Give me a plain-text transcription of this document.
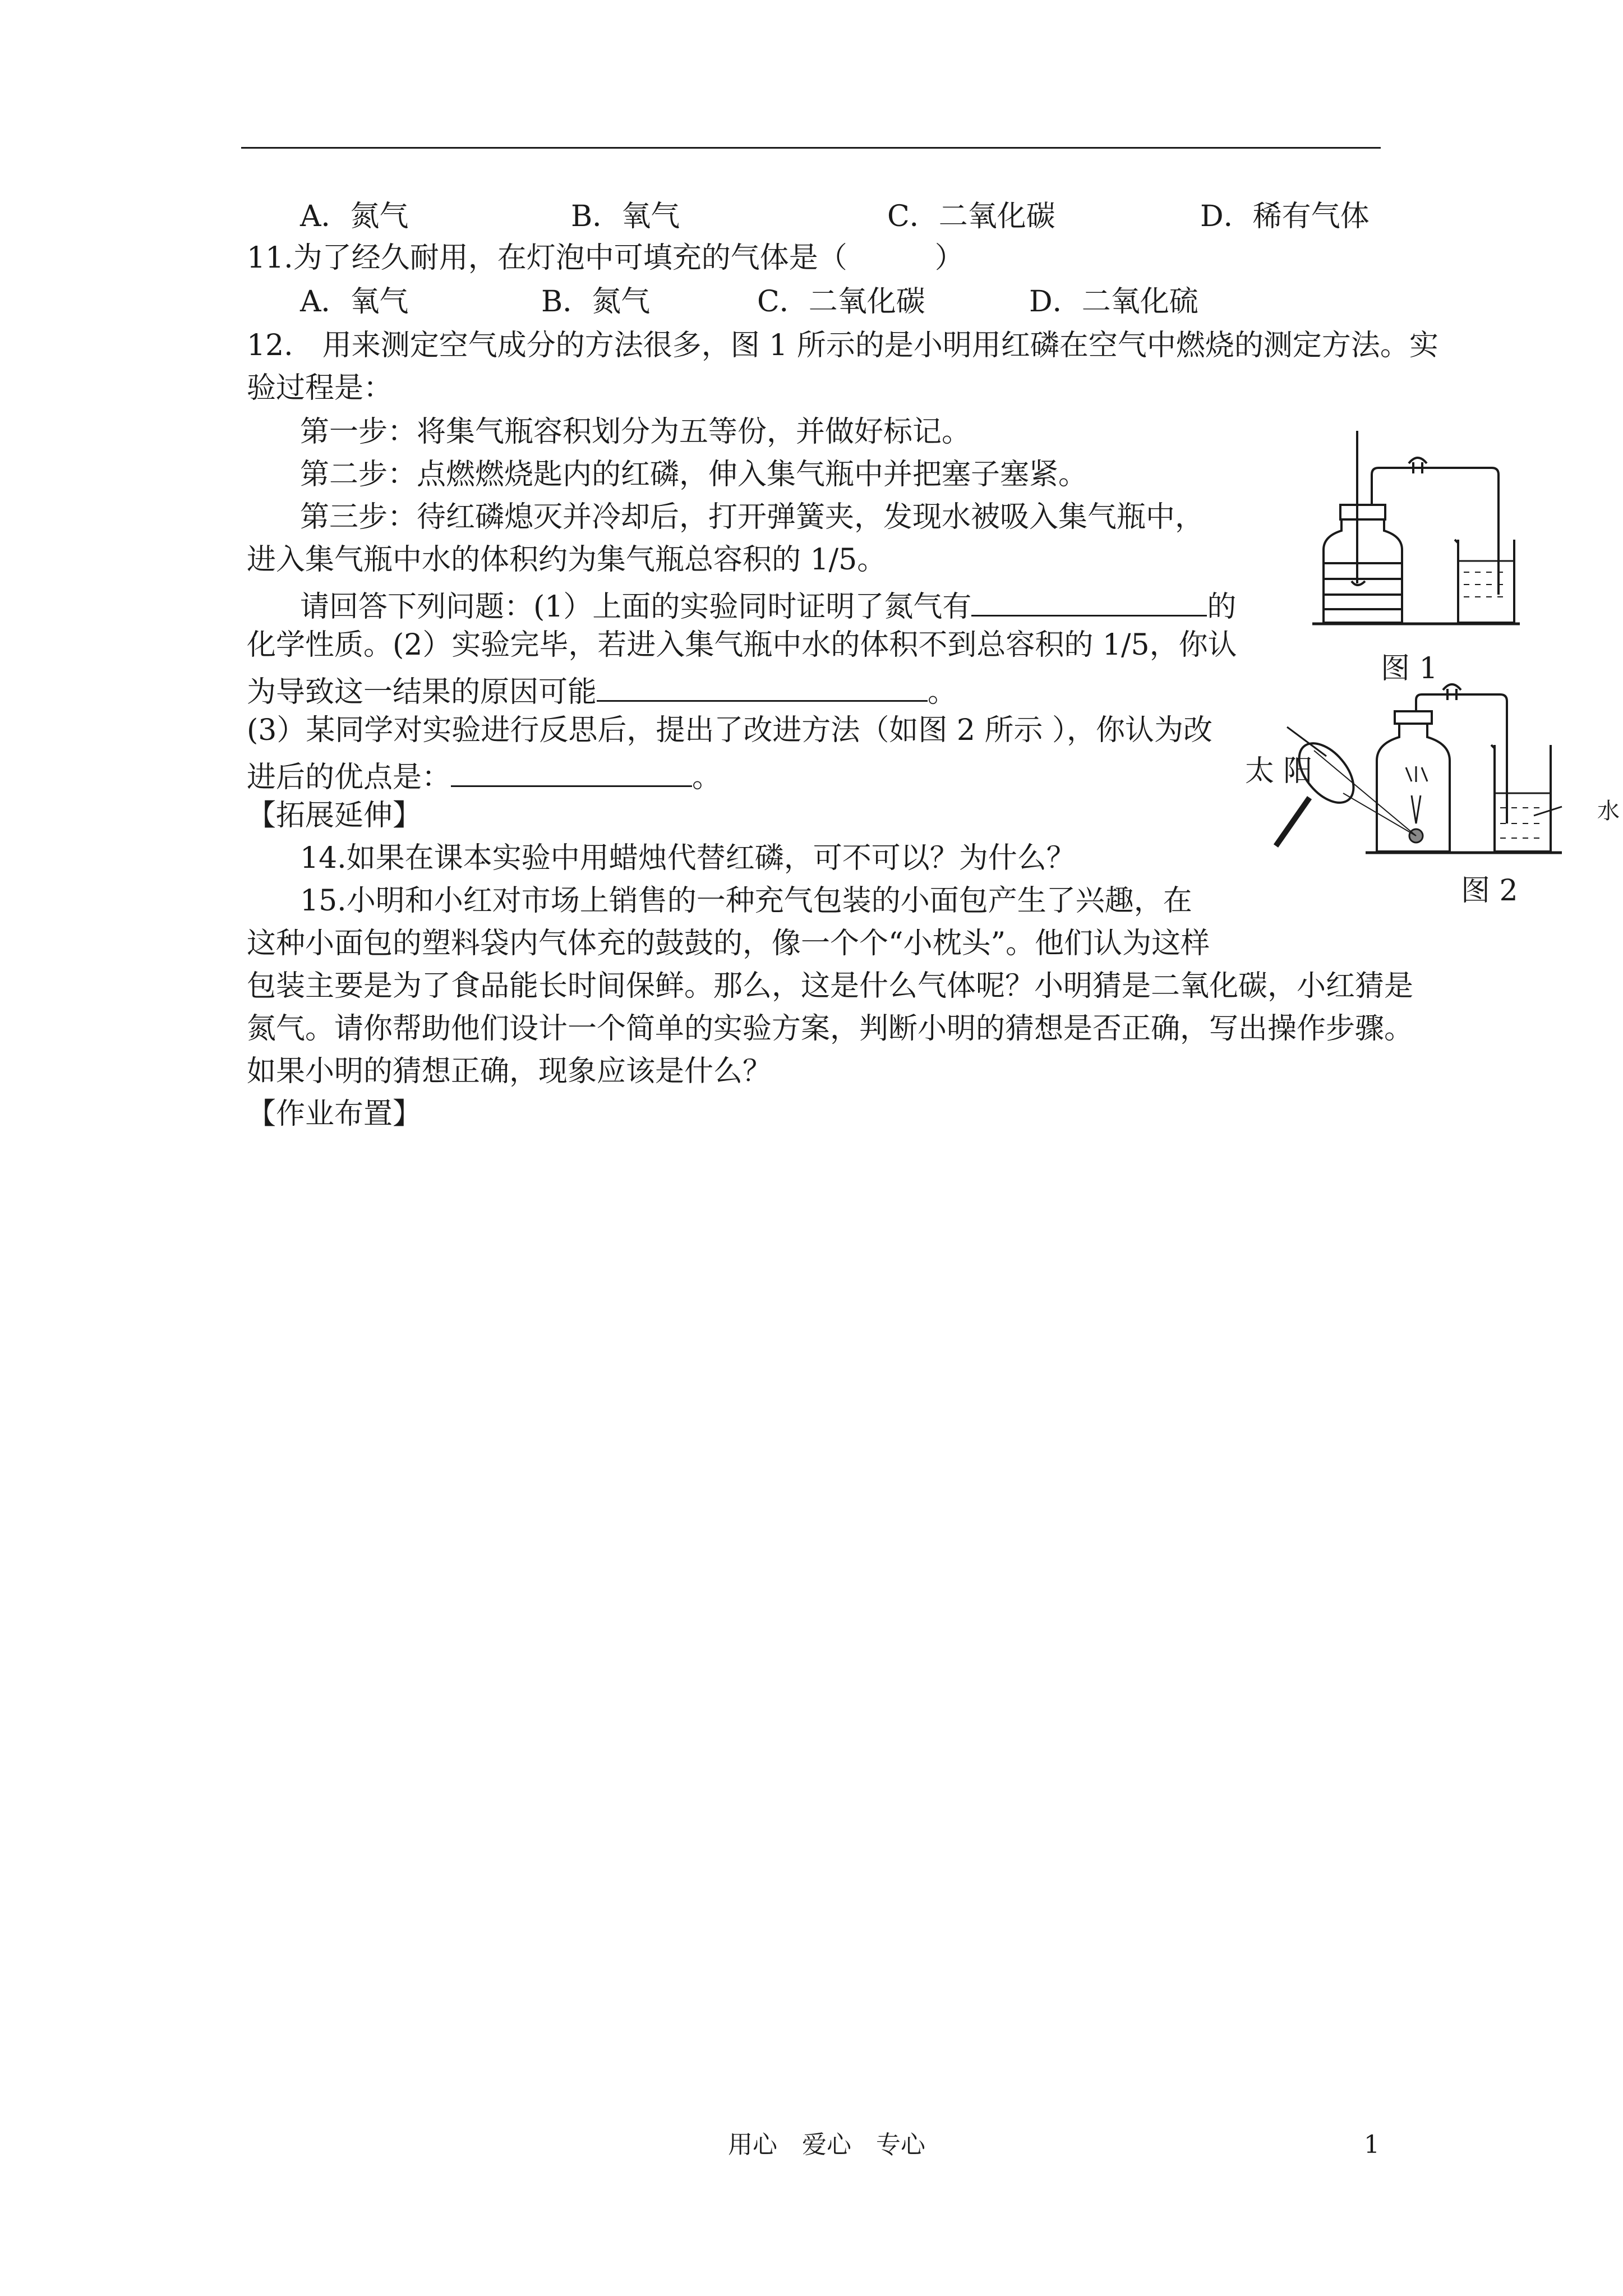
A．氮气	B．氧气	C．二氧化碳	D．稀有气体
11.为了经久耐用，在灯泡中可填充的气体是（　　　）
A．氧气	B．氮气	C．二氧化碳	D．二氧化硫
12.　用来测定空气成分的方法很多，图 1 所示的是小明用红磷在空气中燃烧的测定方法。实
验过程是：
第一步：将集气瓶容积划分为五等份，并做好标记。
第二步：点燃燃烧匙内的红磷，伸入集气瓶中并把塞子塞紧。
第三步：待红磷熄灭并冷却后，打开弹簧夹，发现水被吸入集气瓶中，
进入集气瓶中水的体积约为集气瓶总容积的 1/5。
请回答下列问题：(1）上面的实验同时证明了氮气有	的
化学性质。(2）实验完毕，若进入集气瓶中水的体积不到总容积的 1/5，你认
为导致这一结果的原因可能	。
(3）某同学对实验进行反思后，提出了改进方法（如图 2 所示 ），你认为改
进后的优点是：	。
【拓展延伸】
14.如果在课本实验中用蜡烛代替红磷，可不可以？为什么？
15.小明和小红对市场上销售的一种充气包装的小面包产生了兴趣，在
这种小面包的塑料袋内气体充的鼓鼓的，像一个个“小枕头”。他们认为这样
包装主要是为了食品能长时间保鲜。那么，这是什么气体呢？小明猜是二氧化碳，小红猜是
氮气。请你帮助他们设计一个简单的实验方案，判断小明的猜想是否正确，写出操作步骤。
如果小明的猜想正确，现象应该是什么？
【作业布置】
图 1
太 阳
水
图 2
用心　爱心　专心	1
